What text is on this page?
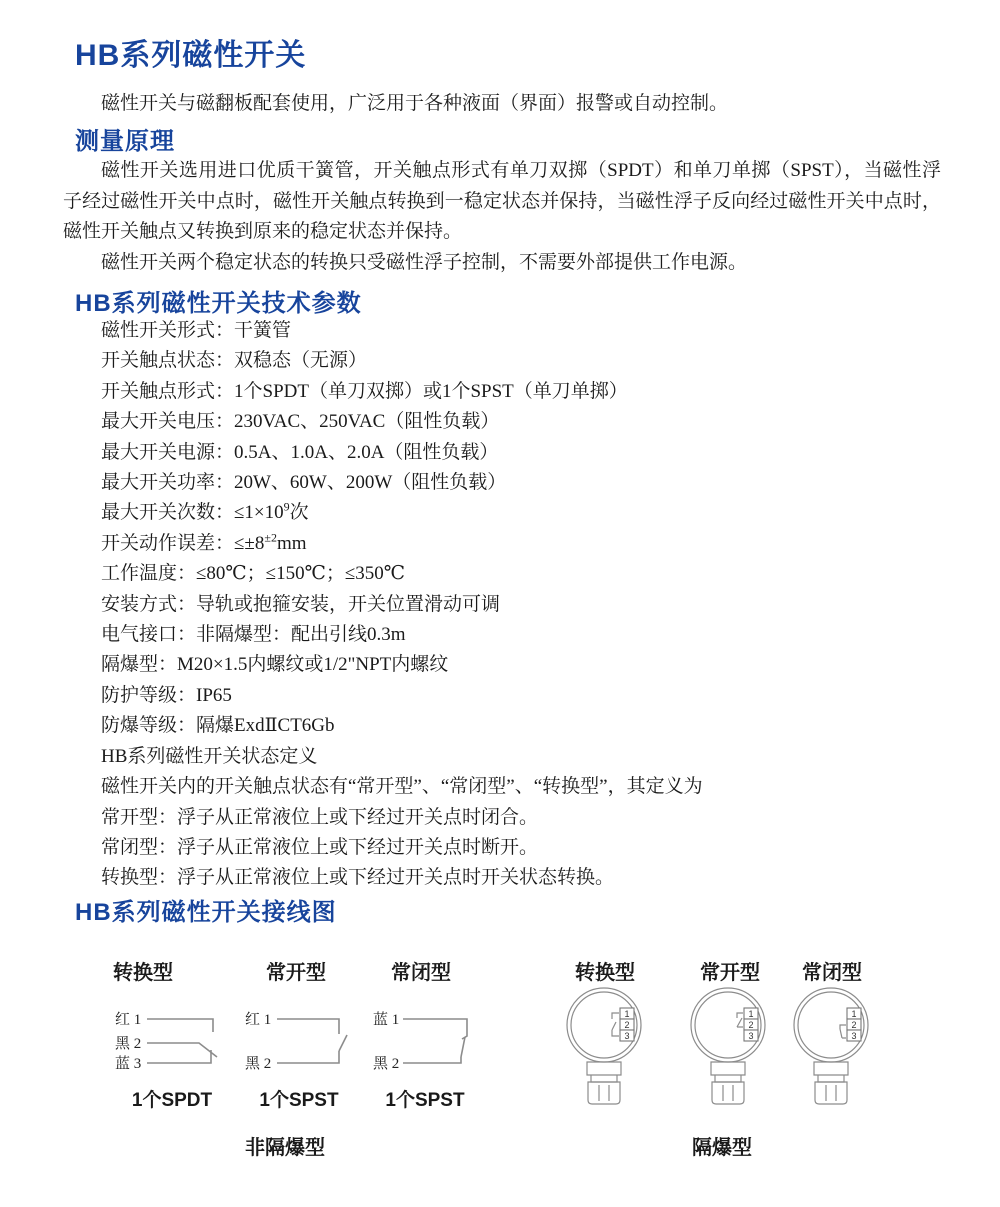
HB系列磁性开关

磁性开关与磁翻板配套使用，广泛用于各种液面（界面）报警或自动控制。

测量原理

磁性开关选用进口优质干簧管，开关触点形式有单刀双掷（SPDT）和单刀单掷（SPST），当磁性浮子经过磁性开关中点时，磁性开关触点转换到一稳定状态并保持，当磁性浮子反向经过磁性开关中点时，磁性开关触点又转换到原来的稳定状态并保持。

磁性开关两个稳定状态的转换只受磁性浮子控制，不需要外部提供工作电源。

HB系列磁性开关技术参数

磁性开关形式：干簧管

开关触点状态：双稳态（无源）

开关触点形式：1个SPDT（单刀双掷）或1个SPST（单刀单掷）

最大开关电压：230VAC、250VAC（阻性负载）

最大开关电源：0.5A、1.0A、2.0A（阻性负载）

最大开关功率：20W、60W、200W（阻性负载）

最大开关次数：$\le 1\times 10^9$次

开关动作误差：$\le\pm 8^{\pm 2}mm$

工作温度：≤80℃；≤150℃；≤350℃

安装方式：导轨或抱箍安装，开关位置滑动可调

电气接口：非隔爆型：配出引线0.3m

隔爆型：M20×1.5内螺纹或1/2"NPT内螺纹

防护等级：IP65

防爆等级：隔爆ExdⅡCT6Gb

HB系列磁性开关状态定义

磁性开关内的开关触点状态有“常开型”、“常闭型”、“转换型”，其定义为

常开型：浮子从正常液位上或下经过开关点时闭合。

常闭型：浮子从正常液位上或下经过开关点时断开。

转换型：浮子从正常液位上或下经过开关点时开关状态转换。

HB系列磁性开关接线图
转换型	常开型	常闭型
红 1
黑 2
蓝 3
红 1
黑 2
蓝 1
黑 2
1个SPDT	1个SPST	1个SPST
非隔爆型
转换型	常开型	常闭型
1
2
3
1
2
3
1
2
3
隔爆型
